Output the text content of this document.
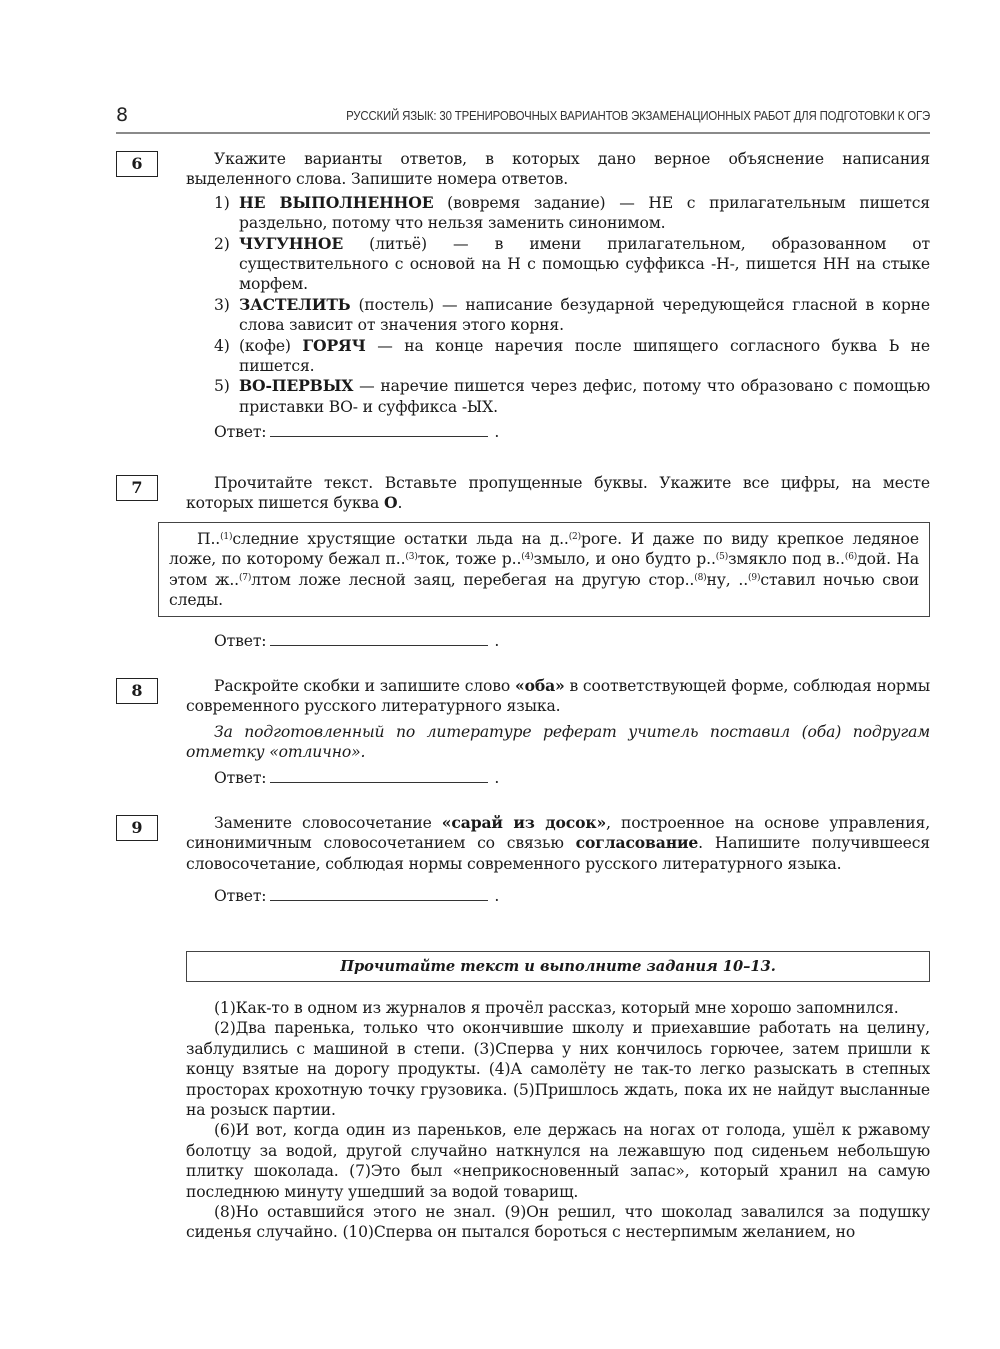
8	РУССКИЙ ЯЗЫК: 30 ТРЕНИРОВОЧНЫХ ВАРИАНТОВ ЭКЗАМЕНАЦИОННЫХ РАБОТ ДЛЯ ПОДГОТОВКИ К ОГЭ
6	Укажите варианты ответов, в которых дано верное объяснение написания выделенного слова. Запишите номера ответов.

1) НЕ ВЫПОЛНЕННОЕ (вовремя задание) — НЕ с прилагательным пишется раздельно, потому что нельзя заменить синонимом.
2) ЧУГУННОЕ (литьё) — в имени прилагательном, образованном от существительного с основой на Н с помощью суффикса -Н-, пишется НН на стыке морфем.
3) ЗАСТЕЛИТЬ (постель) — написание безударной чередующейся гласной в корне слова зависит от значения этого корня.
4) (кофе) ГОРЯЧ — на конце наречия после шипящего согласного буква Ь не пишется.
5) ВО-ПЕРВЫХ — наречие пишется через дефис, потому что образовано с помощью приставки ВО- и суффикса -ЫХ.
Ответ:	.
7	Прочитайте текст. Вставьте пропущенные буквы. Укажите все цифры, на месте которых пишется буква О.

П..$^{(1)}$следние хрустящие остатки льда на д..$^{(2)}$роге. И даже по виду крепкое ледяное ложе, по которому бежал п..$^{(3)}$ток, тоже р..$^{(4)}$змыло, и оно будто р..$^{(5)}$змякло под в..$^{(6)}$дой. На этом ж..$^{(7)}$лтом ложе лесной заяц, перебегая на другую стор..$^{(8)}$ну, ..$^{(9)}$ставил ночью свои следы.

Ответ:	.
8	Раскройте скобки и запишите слово «оба» в соответствующей форме, соблюдая нормы современного русского литературного языка.

За подготовленный по литературе реферат учитель поставил (оба) подругам отметку «отлично».

Ответ:	.
9	Замените словосочетание «сарай из досок», построенное на основе управления, синонимичным словосочетанием со связью согласование. Напишите получившееся словосочетание, соблюдая нормы современного русского литературного языка.

Ответ:	.
Прочитайте текст и выполните задания 10–13.

(1)Как-то в одном из журналов я прочёл рассказ, который мне хорошо запомнился.

(2)Два паренька, только что окончившие школу и приехавшие работать на целину, заблудились с машиной в степи. (3)Сперва у них кончилось горючее, затем пришли к концу взятые на дорогу продукты. (4)А самолёту не так-то легко разыскать в степных просторах крохотную точку грузовика. (5)Пришлось ждать, пока их не найдут высланные на розыск партии.

(6)И вот, когда один из пареньков, еле держась на ногах от голода, ушёл к ржавому болотцу за водой, другой случайно наткнулся на лежавшую под сиденьем небольшую плитку шоколада. (7)Это был «неприкосновенный запас», который хранил на самую последнюю минуту ушедший за водой товарищ.

(8)Но оставшийся этого не знал. (9)Он решил, что шоколад завалился за подушку сиденья случайно. (10)Сперва он пытался бороться с нестерпимым желанием, но
